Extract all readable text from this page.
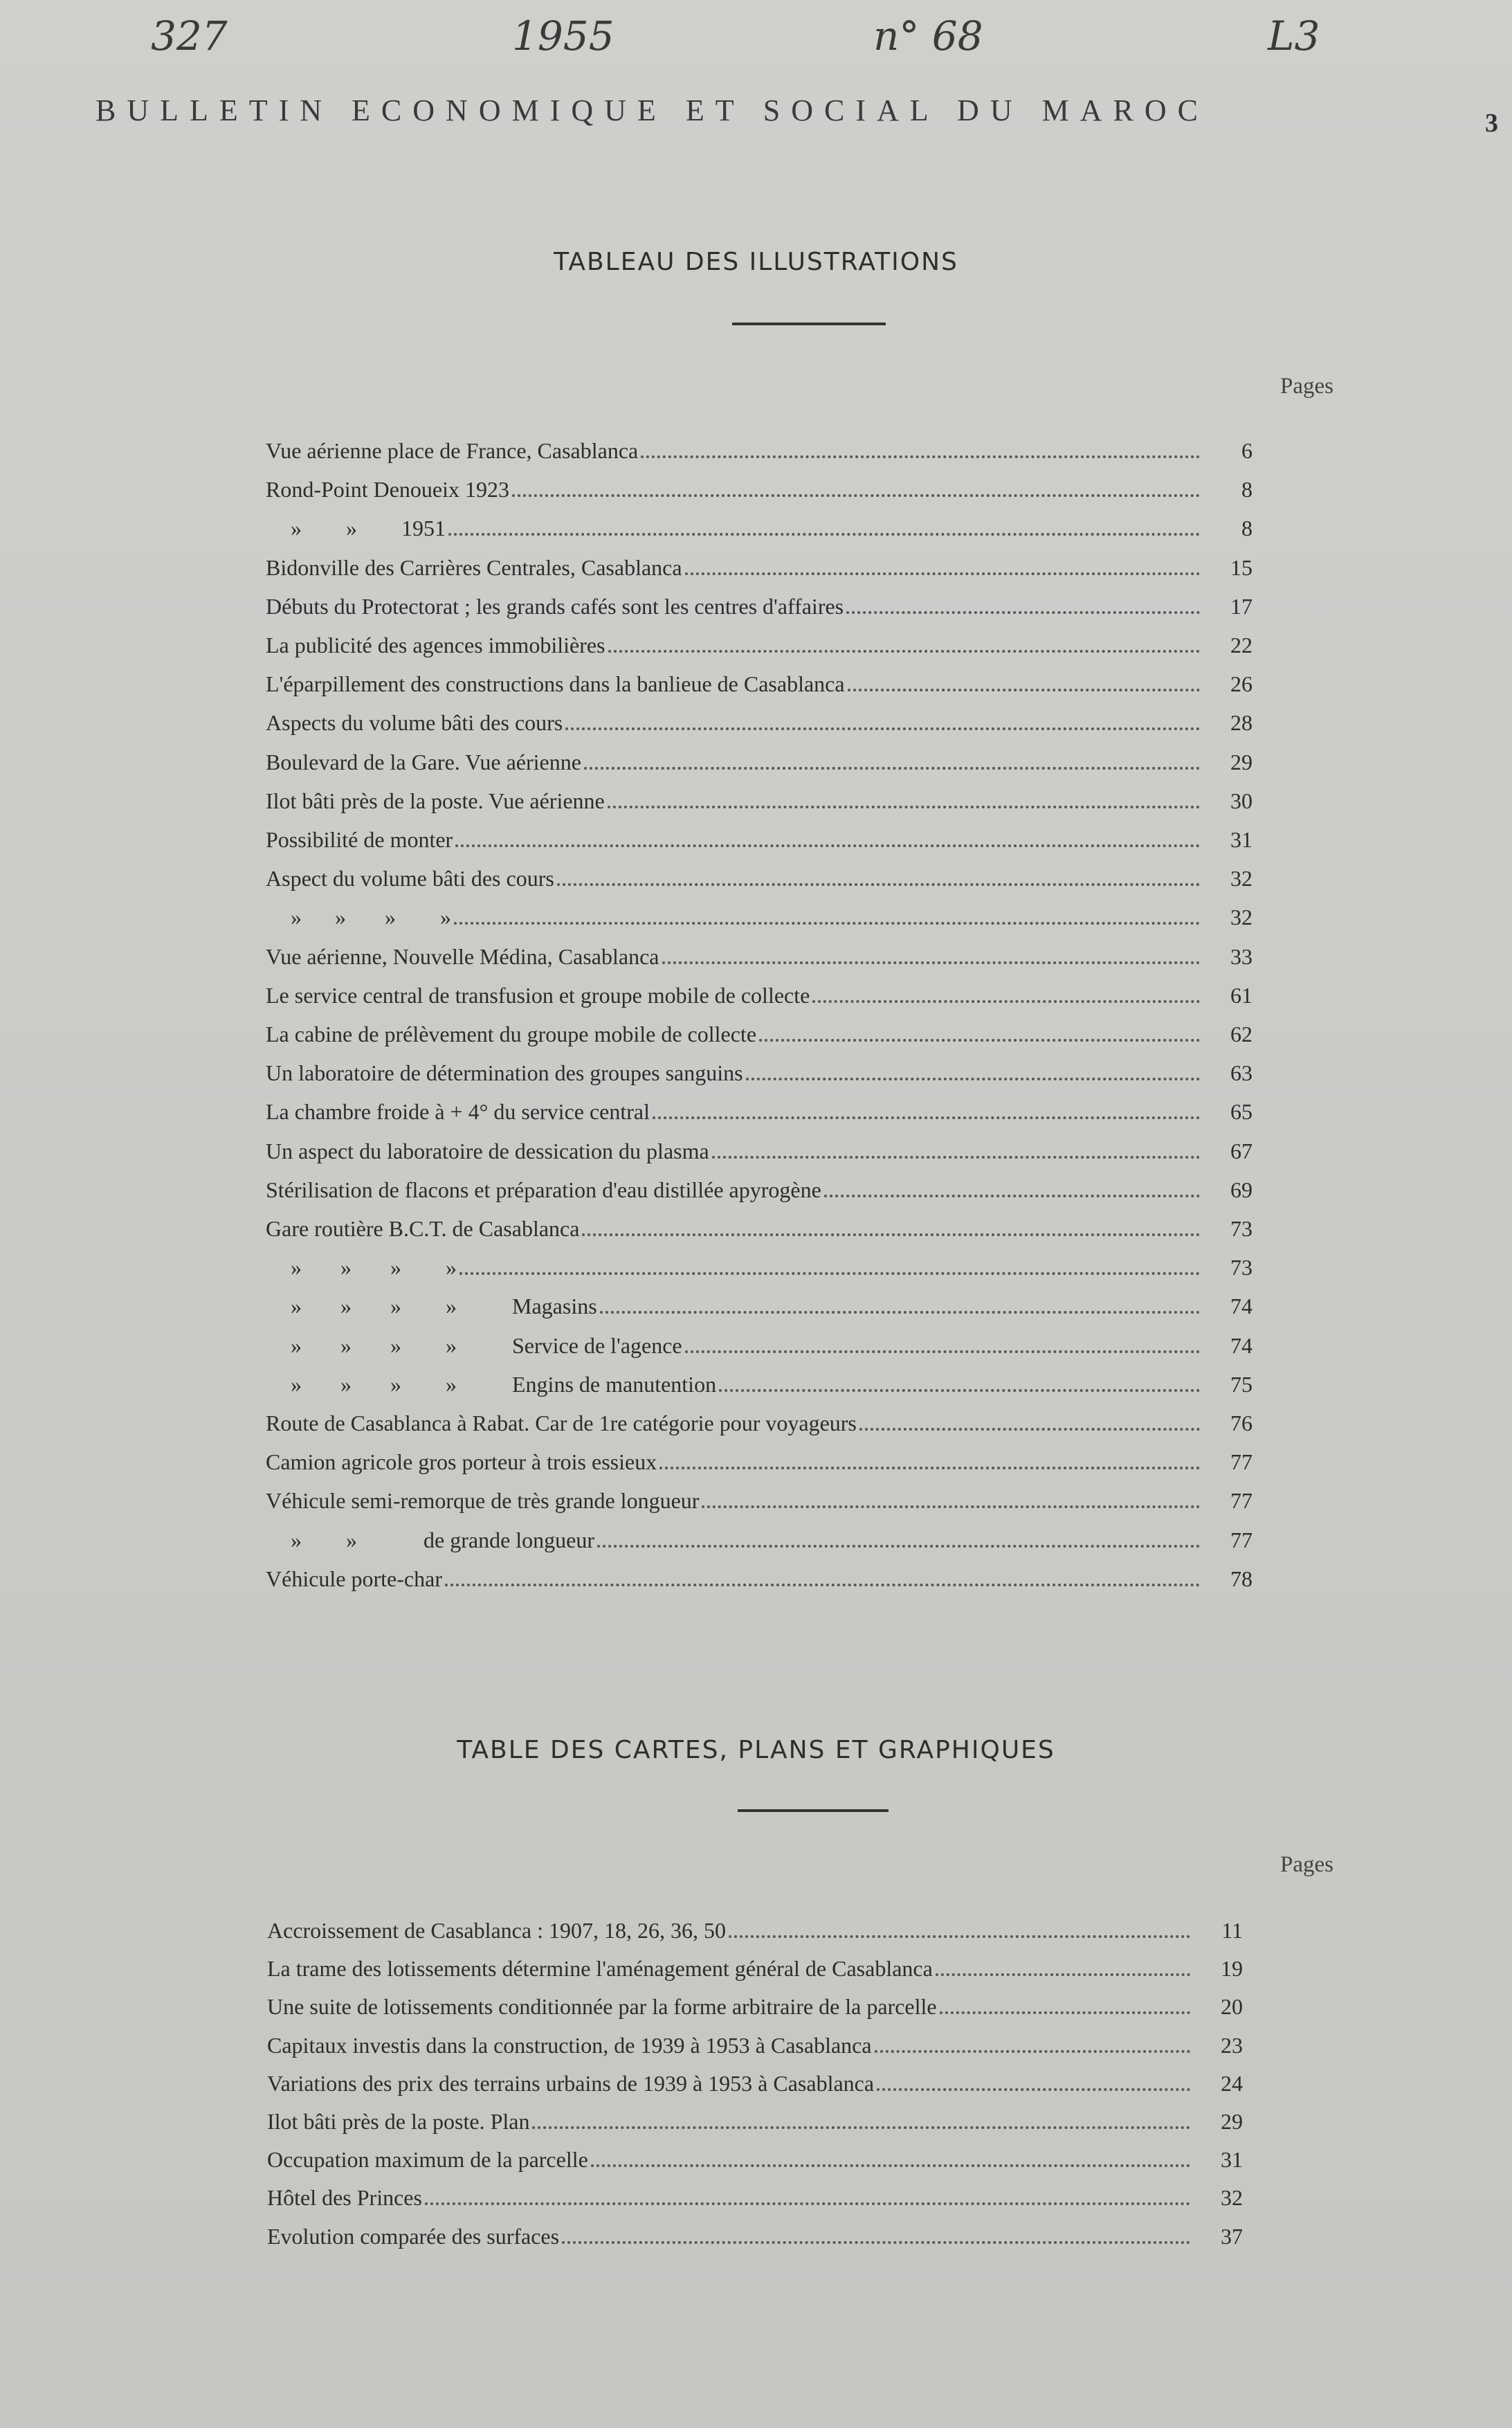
327	1955	n° 68	L3
BULLETIN ECONOMIQUE ET SOCIAL DU MAROC	3
TABLEAU DES ILLUSTRATIONS
Pages
Vue aérienne place de France, Casablanca	6
Rond-Point Denoueix 1923	8
»        »        1951	8
Bidonville des Carrières Centrales, Casablanca	15
Débuts du Protectorat ; les grands cafés sont les centres d'affaires	17
La publicité des agences immobilières	22
L'éparpillement des constructions dans la banlieue de Casablanca	26
Aspects du volume bâti des cours	28
Boulevard de la Gare. Vue aérienne	29
Ilot bâti près de la poste. Vue aérienne	30
Possibilité de monter	31
Aspect du volume bâti des cours	32
»      »       »        »	32
Vue aérienne, Nouvelle Médina, Casablanca	33
Le service central de transfusion et groupe mobile de collecte	61
La cabine de prélèvement du groupe mobile de collecte	62
Un laboratoire de détermination des groupes sanguins	63
La chambre froide à + 4° du service central	65
Un aspect du laboratoire de dessication du plasma	67
Stérilisation de flacons et préparation d'eau distillée apyrogène	69
Gare routière B.C.T. de Casablanca	73
»       »       »        »	73
»       »       »        »          Magasins	74
»       »       »        »          Service de l'agence	74
»       »       »        »          Engins de manutention	75
Route de Casablanca à Rabat. Car de 1re catégorie pour voyageurs	76
Camion agricole gros porteur à trois essieux	77
Véhicule semi-remorque de très grande longueur	77
»        »            de grande longueur	77
Véhicule porte-char	78
TABLE DES CARTES, PLANS ET GRAPHIQUES
Pages
Accroissement de Casablanca : 1907, 18, 26, 36, 50	11
La trame des lotissements détermine l'aménagement général de Casablanca	19
Une suite de lotissements conditionnée par la forme arbitraire de la parcelle	20
Capitaux investis dans la construction, de 1939 à 1953 à Casablanca	23
Variations des prix des terrains urbains de 1939 à 1953 à Casablanca	24
Ilot bâti près de la poste. Plan	29
Occupation maximum de la parcelle	31
Hôtel des Princes	32
Evolution comparée des surfaces	37
